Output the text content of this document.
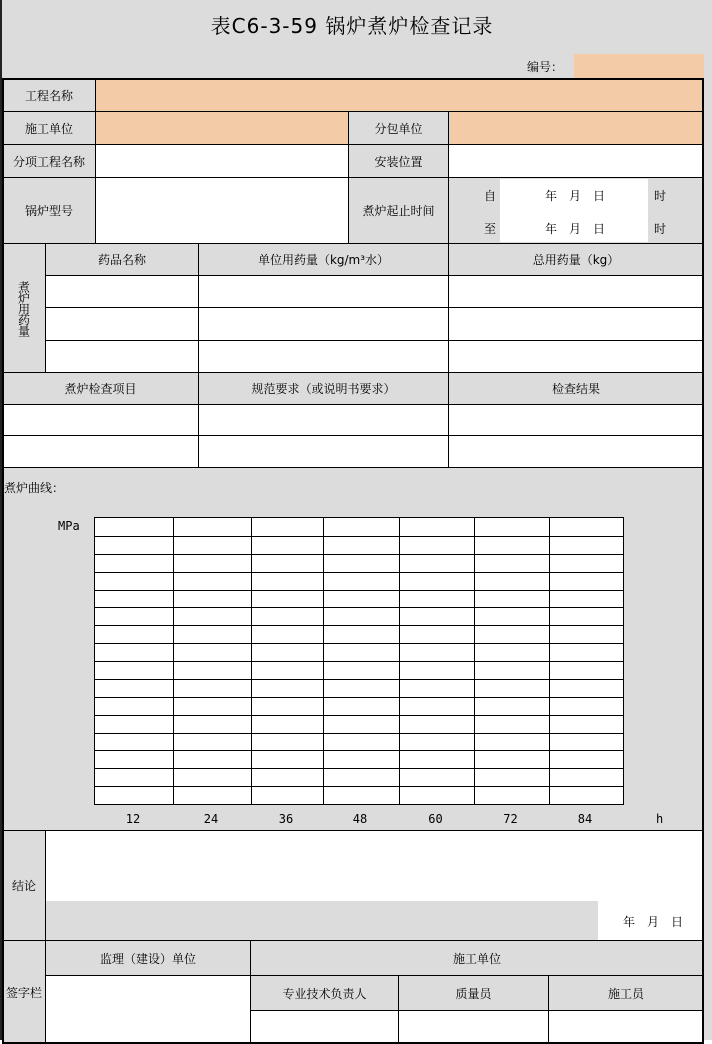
表C6-3-59 锅炉煮炉检查记录
编号：
工程名称
施工单位	分包单位
分项工程名称	安装位置
锅炉型号	煮炉起止时间
自	年　月　日	时
至	年　月　日	时
煮炉用药量
药品名称	单位用药量（kg/m³水）	总用药量（kg）
煮炉检查项目	规范要求（或说明书要求）	检查结果
煮炉曲线：
MPa
12	24	36	48	60	72	84	h
结论
年　月　日
签字栏
监理（建设）单位	施工单位
专业技术负责人	质量员	施工员
